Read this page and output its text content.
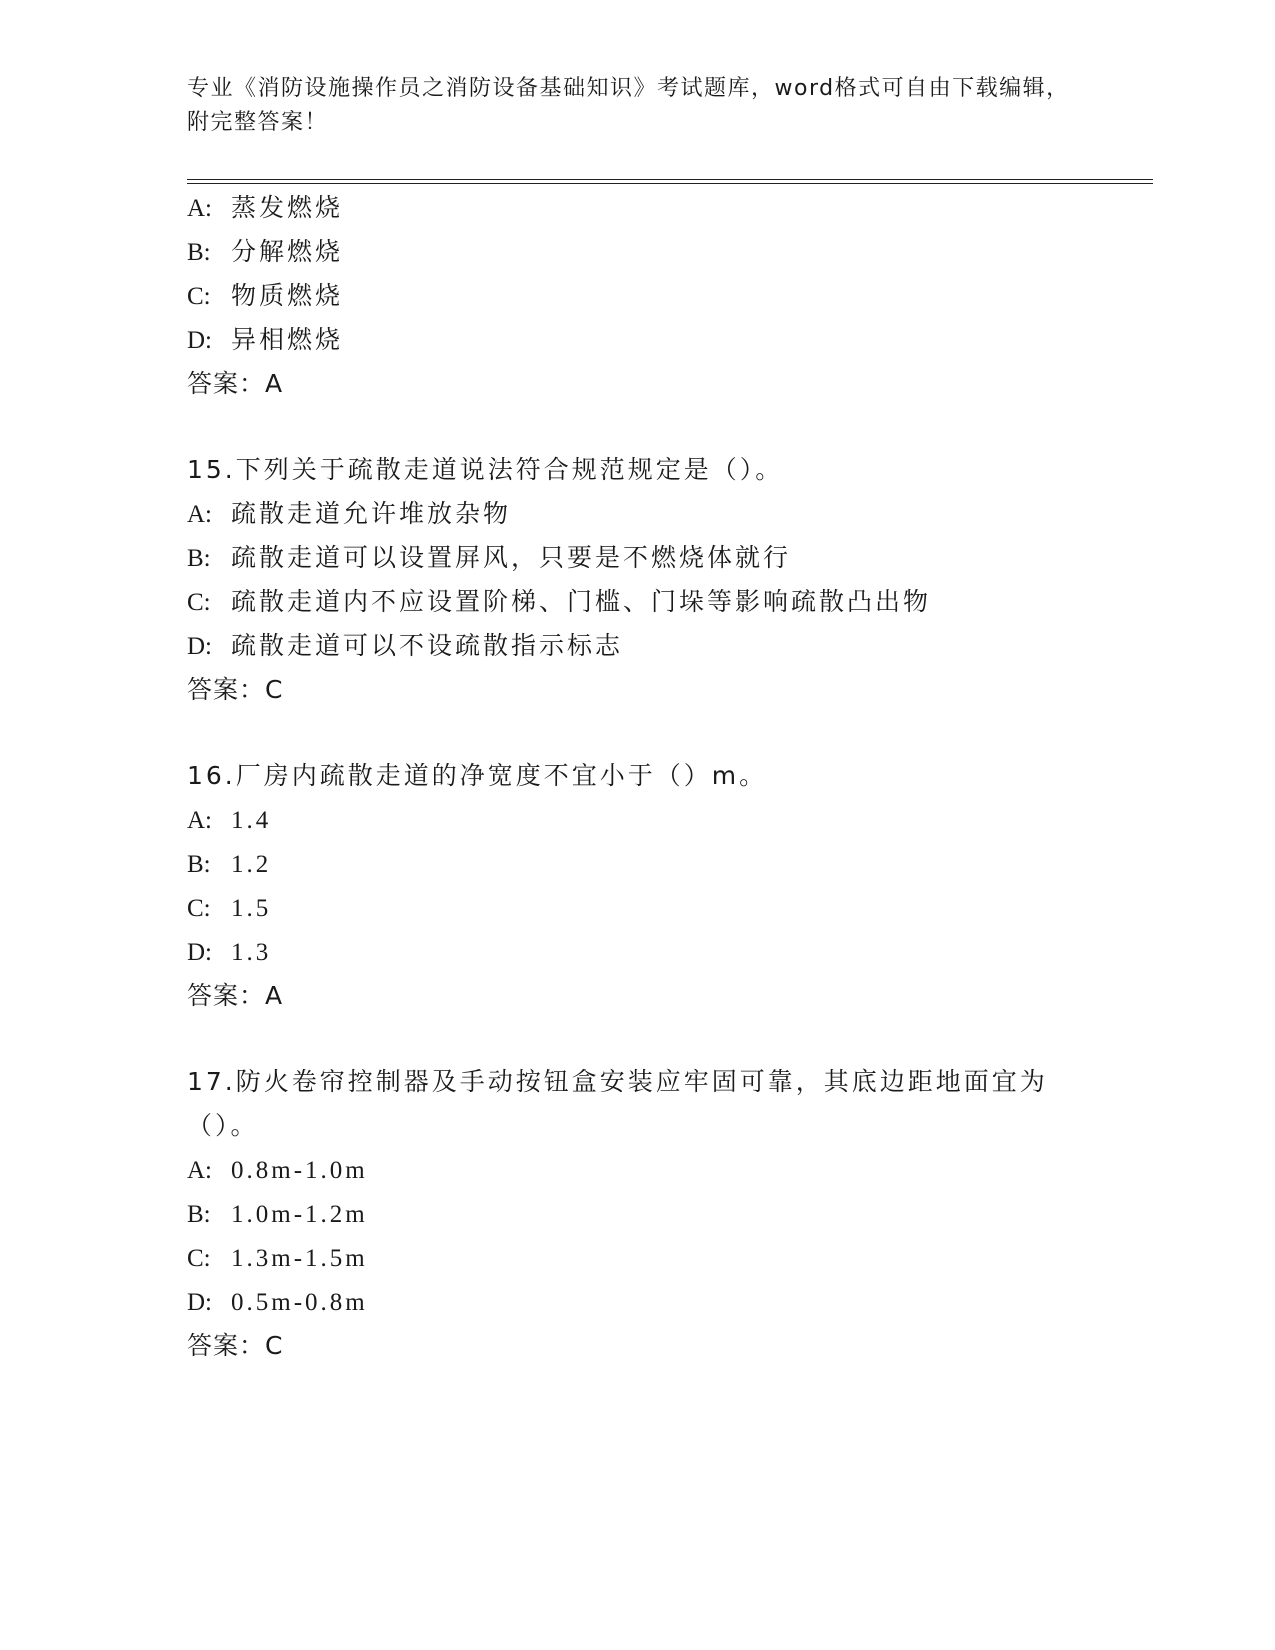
专业《消防设施操作员之消防设备基础知识》考试题库，word格式可自由下载编辑，附完整答案！
A: 蒸发燃烧
B: 分解燃烧
C: 物质燃烧
D: 异相燃烧
答案：A
15.下列关于疏散走道说法符合规范规定是（）。
A: 疏散走道允许堆放杂物
B: 疏散走道可以设置屏风，只要是不燃烧体就行
C: 疏散走道内不应设置阶梯、门槛、门垛等影响疏散凸出物
D: 疏散走道可以不设疏散指示标志
答案：C
16.厂房内疏散走道的净宽度不宜小于（）m。
A: 1.4
B: 1.2
C: 1.5
D: 1.3
答案：A
17.防火卷帘控制器及手动按钮盒安装应牢固可靠，其底边距地面宜为
（）。
A: 0.8m-1.0m
B: 1.0m-1.2m
C: 1.3m-1.5m
D: 0.5m-0.8m
答案：C
